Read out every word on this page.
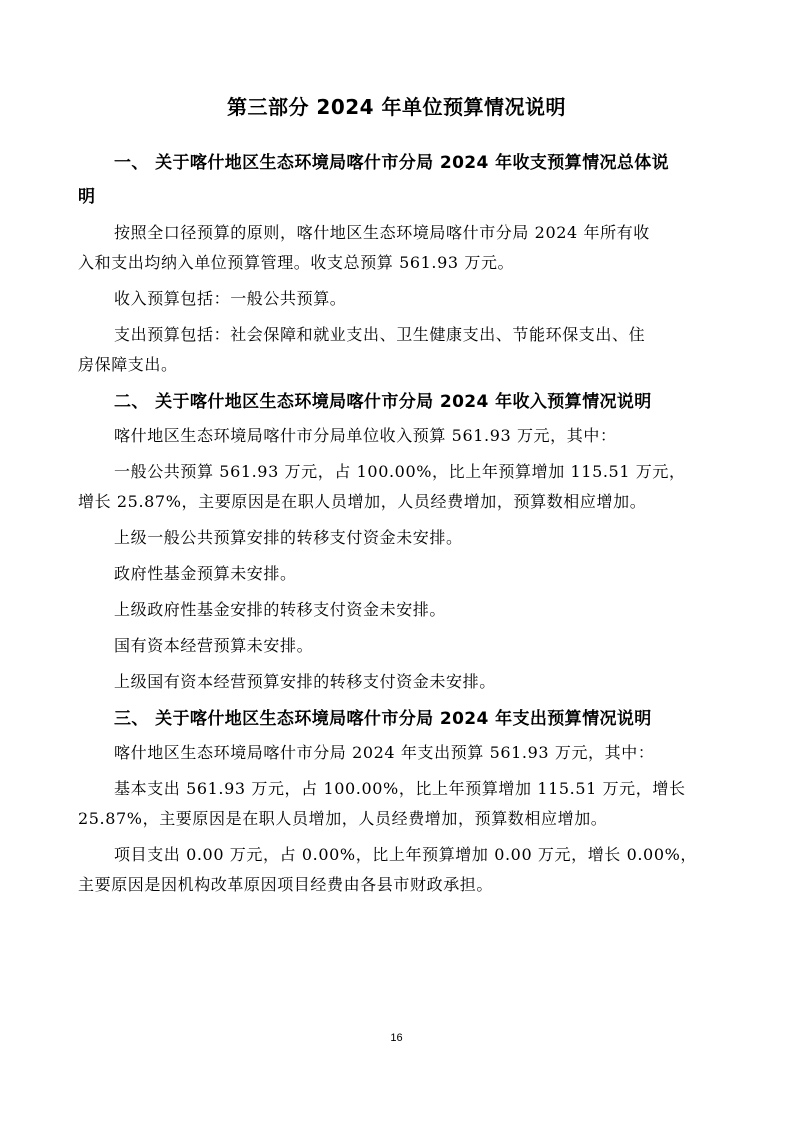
第三部分 2024 年单位预算情况说明

一、 关于喀什地区生态环境局喀什市分局 2024 年收支预算情况总体说

明

按照全口径预算的原则，喀什地区生态环境局喀什市分局 2024 年所有收
入和支出均纳入单位预算管理。收支总预算 561.93 万元。

收入预算包括：一般公共预算。

支出预算包括：社会保障和就业支出、卫生健康支出、节能环保支出、住
房保障支出。

二、 关于喀什地区生态环境局喀什市分局 2024 年收入预算情况说明

喀什地区生态环境局喀什市分局单位收入预算 561.93 万元，其中：

一般公共预算 561.93 万元，占 100.00%，比上年预算增加 115.51 万元，
增长 25.87%，主要原因是在职人员增加，人员经费增加，预算数相应增加。

上级一般公共预算安排的转移支付资金未安排。

政府性基金预算未安排。

上级政府性基金安排的转移支付资金未安排。

国有资本经营预算未安排。

上级国有资本经营预算安排的转移支付资金未安排。

三、 关于喀什地区生态环境局喀什市分局 2024 年支出预算情况说明

喀什地区生态环境局喀什市分局 2024 年支出预算 561.93 万元，其中：

基本支出 561.93 万元，占 100.00%，比上年预算增加 115.51 万元，增长
25.87%，主要原因是在职人员增加，人员经费增加，预算数相应增加。

项目支出 0.00 万元，占 0.00%，比上年预算增加 0.00 万元，增长 0.00%，
主要原因是因机构改革原因项目经费由各县市财政承担。

16
